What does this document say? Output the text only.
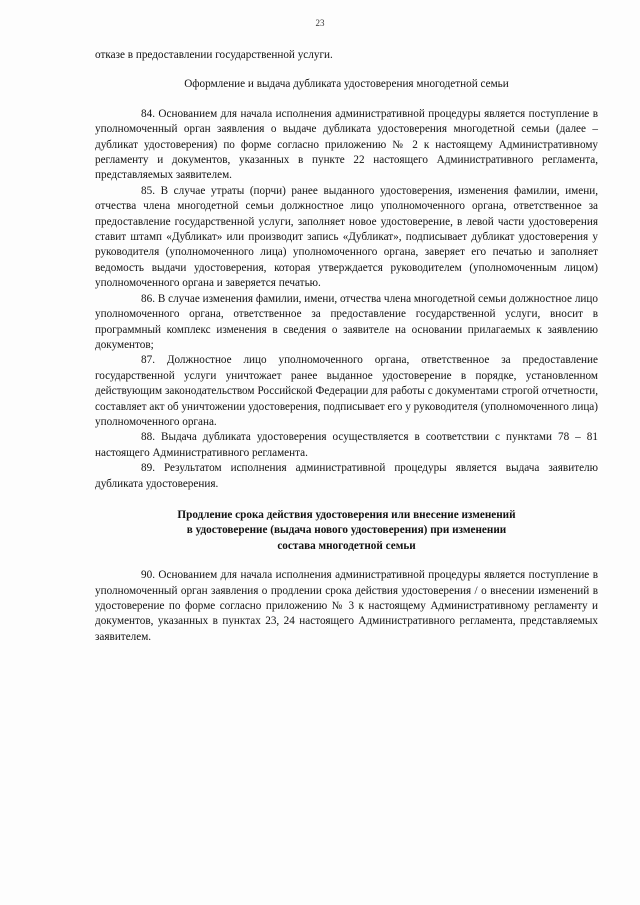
23

отказе в предоставлении государственной услуги.

Оформление и выдача дубликата удостоверения многодетной семьи

84. Основанием для начала исполнения административной процедуры является поступление в уполномоченный орган заявления о выдаче дубликата удостоверения многодетной семьи (далее – дубликат удостоверения) по форме согласно приложению № 2 к настоящему Административному регламенту и документов, указанных в пункте 22 настоящего Административного регламента, представляемых заявителем.

85. В случае утраты (порчи) ранее выданного удостоверения, изменения фамилии, имени, отчества члена многодетной семьи должностное лицо уполномоченного органа, ответственное за предоставление государственной услуги, заполняет новое удостоверение, в левой части удостоверения ставит штамп «Дубликат» или производит запись «Дубликат», подписывает дубликат удостоверения у руководителя (уполномоченного лица) уполномоченного органа, заверяет его печатью и заполняет ведомость выдачи удостоверения, которая утверждается руководителем (уполномоченным лицом) уполномоченного органа и заверяется печатью.

86. В случае изменения фамилии, имени, отчества члена многодетной семьи должностное лицо уполномоченного органа, ответственное за предоставление государственной услуги, вносит в программный комплекс изменения в сведения о заявителе на основании прилагаемых к заявлению документов;

87. Должностное лицо уполномоченного органа, ответственное за предоставление государственной услуги уничтожает ранее выданное удостоверение в порядке, установленном действующим законодательством Российской Федерации для работы с документами строгой отчетности, составляет акт об уничтожении удостоверения, подписывает его у руководителя (уполномоченного лица) уполномоченного органа.

88. Выдача дубликата удостоверения осуществляется в соответствии с пунктами 78 – 81 настоящего Административного регламента.

89. Результатом исполнения административной процедуры является выдача заявителю дубликата удостоверения.

Продление срока действия удостоверения или внесение изменений
в удостоверение (выдача нового удостоверения) при изменении
состава многодетной семьи

90. Основанием для начала исполнения административной процедуры является поступление в уполномоченный орган заявления о продлении срока действия удостоверения / о внесении изменений в удостоверение по форме согласно приложению № 3 к настоящему Административному регламенту и документов, указанных в пунктах 23, 24 настоящего Административного регламента, представляемых заявителем.
